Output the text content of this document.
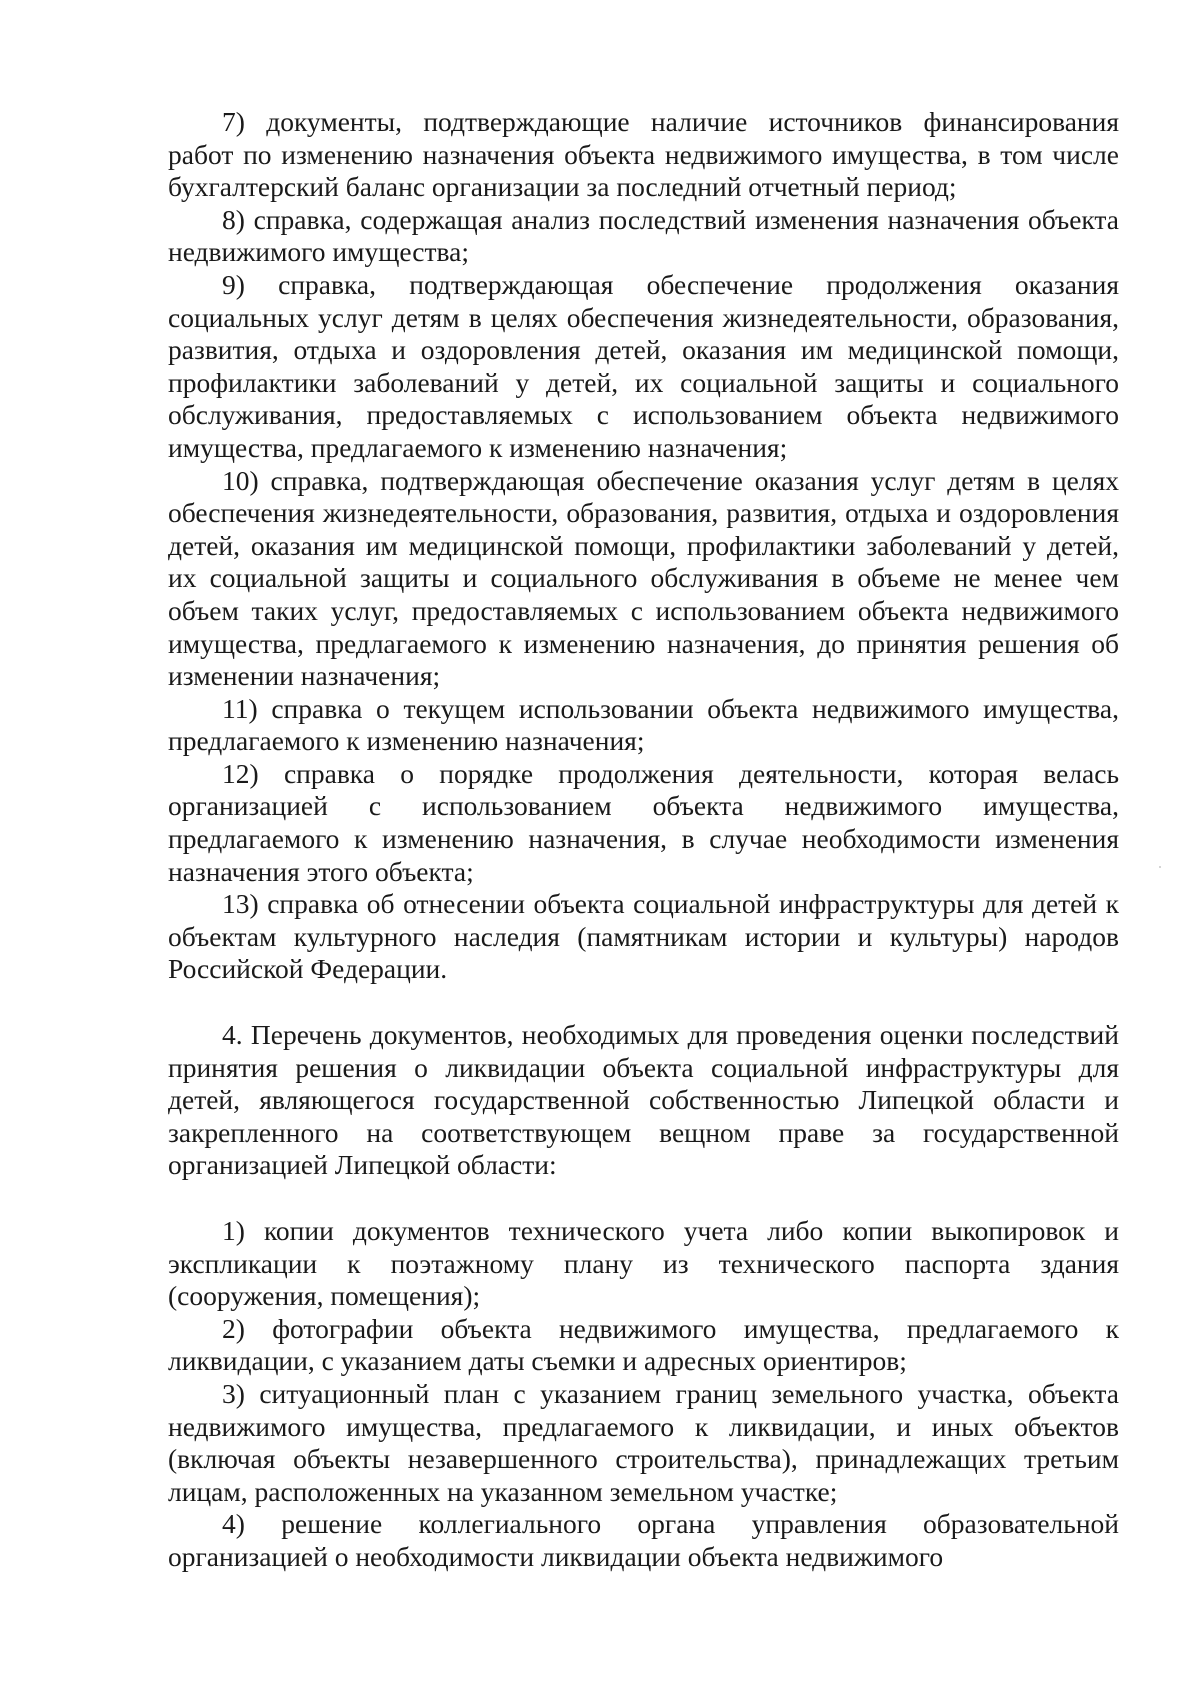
7) документы, подтверждающие наличие источников финансирования работ по изменению назначения объекта недвижимого имущества, в том числе бухгалтерский баланс организации за последний отчетный период;

8) справка, содержащая анализ последствий изменения назначения объекта недвижимого имущества;

9) справка, подтверждающая обеспечение продолжения оказания социальных услуг детям в целях обеспечения жизнедеятельности, образования, развития, отдыха и оздоровления детей, оказания им медицинской помощи, профилактики заболеваний у детей, их социальной защиты и социального обслуживания, предоставляемых с использованием объекта недвижимого имущества, предлагаемого к изменению назначения;

10) справка, подтверждающая обеспечение оказания услуг детям в целях обеспечения жизнедеятельности, образования, развития, отдыха и оздоровления детей, оказания им медицинской помощи, профилактики заболеваний у детей, их социальной защиты и социального обслуживания в объеме не менее чем объем таких услуг, предоставляемых с использованием объекта недвижимого имущества, предлагаемого к изменению назначения, до принятия решения об изменении назначения;

11) справка о текущем использовании объекта недвижимого имущества, предлагаемого к изменению назначения;

12) справка о порядке продолжения деятельности, которая велась организацией с использованием объекта недвижимого имущества, предлагаемого к изменению назначения, в случае необходимости изменения назначения этого объекта;

13) справка об отнесении объекта социальной инфраструктуры для детей к объектам культурного наследия (памятникам истории и культуры) народов Российской Федерации.

4. Перечень документов, необходимых для проведения оценки последствий принятия решения о ликвидации объекта социальной инфраструктуры для детей, являющегося государственной собственностью Липецкой области и закрепленного на соответствующем вещном праве за государственной организацией Липецкой области:

1) копии документов технического учета либо копии выкопировок и экспликации к поэтажному плану из технического паспорта здания (сооружения, помещения);

2) фотографии объекта недвижимого имущества, предлагаемого к ликвидации, с указанием даты съемки и адресных ориентиров;

3) ситуационный план с указанием границ земельного участка, объекта недвижимого имущества, предлагаемого к ликвидации, и иных объектов (включая объекты незавершенного строительства), принадлежащих третьим лицам, расположенных на указанном земельном участке;

4) решение коллегиального органа управления образовательной организацией о необходимости ликвидации объекта недвижимого
